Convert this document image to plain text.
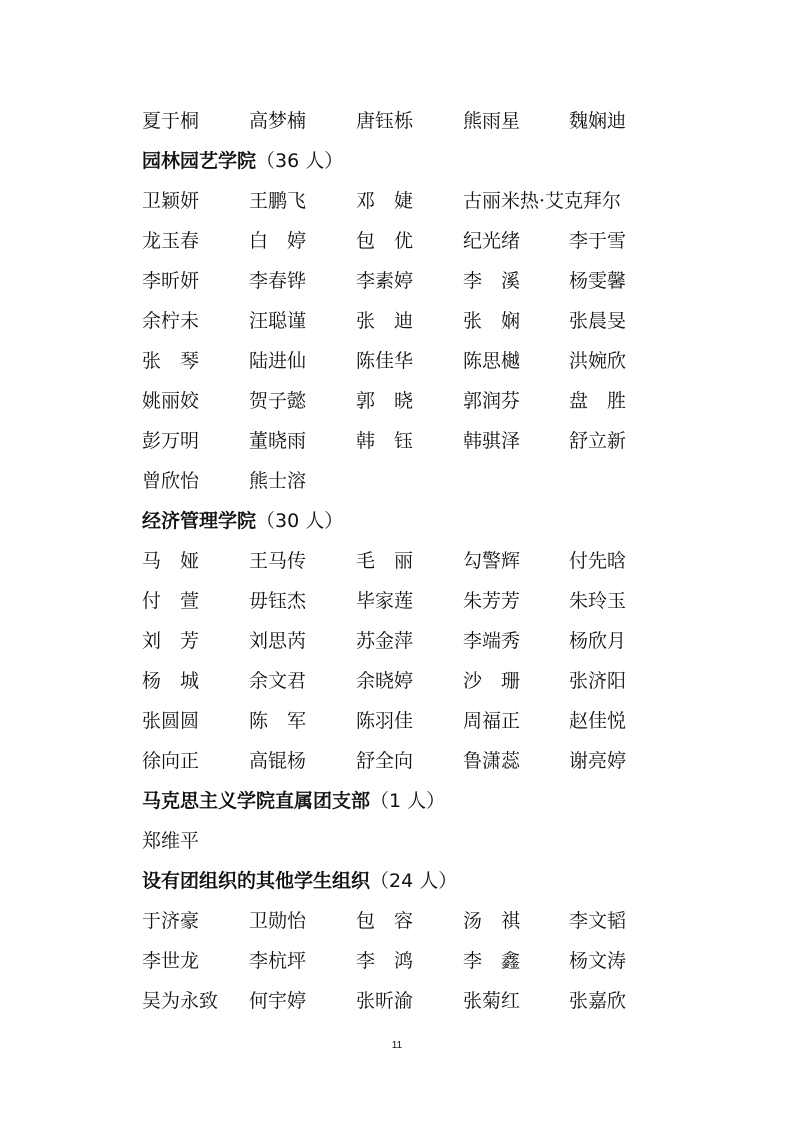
夏于桐	高梦楠	唐钰栎	熊雨星	魏娴迪
园林园艺学院（36 人）
卫颖妍	王鹏飞	邓　婕	古丽米热·艾克拜尔
龙玉春	白　婷	包　优	纪光绪	李于雪
李昕妍	李春铧	李素婷	李　溪	杨雯馨
余柠未	汪聪谨	张　迪	张　娴	张晨旻
张　琴	陆进仙	陈佳华	陈思樾	洪婉欣
姚丽姣	贺子懿	郭　晓	郭润芬	盘　胜
彭万明	董晓雨	韩　钰	韩骐泽	舒立新
曾欣怡	熊士溶
经济管理学院（30 人）
马　娅	王马传	毛　丽	勾警辉	付先晗
付　萱	毋钰杰	毕家莲	朱芳芳	朱玲玉
刘　芳	刘思芮	苏金萍	李端秀	杨欣月
杨　城	余文君	余晓婷	沙　珊	张济阳
张圆圆	陈　军	陈羽佳	周福正	赵佳悦
徐向正	高锟杨	舒全向	鲁潇蕊	谢亮婷
马克思主义学院直属团支部（1 人）
郑维平
设有团组织的其他学生组织（24 人）
于济豪	卫勋怡	包　容	汤　祺	李文韬
李世龙	李杭坪	李　鸿	李　鑫	杨文涛
吴为永致 何宇婷	张昕渝	张菊红	张嘉欣
11
